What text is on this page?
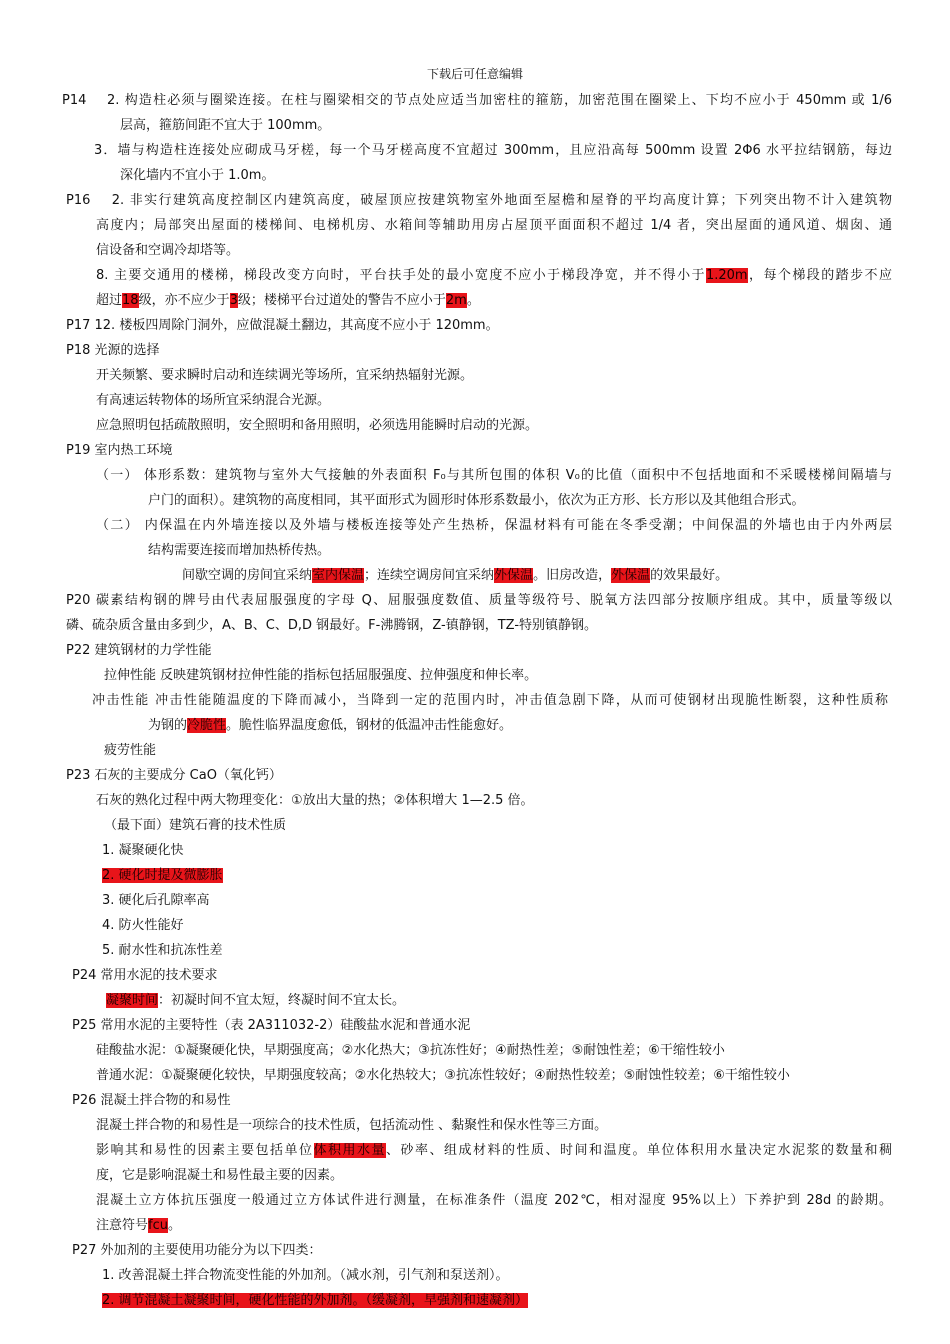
下载后可任意编辑
P14　 2. 构造柱必须与圈梁连接。在柱与圈梁相交的节点处应适当加密柱的箍筋，加密范围在圈梁上、下均不应小于 450mm 或 1/6
层高，箍筋间距不宜大于 100mm。
3．墙与构造柱连接处应砌成马牙槎，每一个马牙槎高度不宜超过 300mm，且应沿高每 500mm 设置 2Φ6 水平拉结钢筋，每边
深化墙内不宜小于 1.0m。
P16　 2. 非实行建筑高度控制区内建筑高度，破屋顶应按建筑物室外地面至屋檐和屋脊的平均高度计算；下列突出物不计入建筑物
高度内；局部突出屋面的楼梯间、电梯机房、水箱间等辅助用房占屋顶平面面积不超过 1/4 者，突出屋面的通风道、烟囱、通
信设备和空调冷却塔等。
8. 主要交通用的楼梯，梯段改变方向时，平台扶手处的最小宽度不应小于梯段净宽，并不得小于1.20m，每个梯段的踏步不应
超过18级，亦不应少于3级；楼梯平台过道处的警告不应小于2m。
P17 12. 楼板四周除门洞外，应做混凝土翻边，其高度不应小于 120mm。
P18 光源的选择
开关频繁、要求瞬时启动和连续调光等场所，宜采纳热辐射光源。
有高速运转物体的场所宜采纳混合光源。
应急照明包括疏散照明，安全照明和备用照明，必须选用能瞬时启动的光源。
P19 室内热工环境
（一） 体形系数：建筑物与室外大气接触的外表面积 F₀与其所包围的体积 V₀的比值（面积中不包括地面和不采暖楼梯间隔墙与
户门的面积）。建筑物的高度相同，其平面形式为圆形时体形系数最小，依次为正方形、长方形以及其他组合形式。
（二） 内保温在内外墙连接以及外墙与楼板连接等处产生热桥，保温材料有可能在冬季受潮；中间保温的外墙也由于内外两层
结构需要连接而增加热桥传热。
间歇空调的房间宜采纳室内保温；连续空调房间宜采纳外保温。旧房改造，外保温的效果最好。
P20 碳素结构钢的牌号由代表屈服强度的字母 Q、屈服强度数值、质量等级符号、脱氧方法四部分按顺序组成。其中，质量等级以
磷、硫杂质含量由多到少，A、B、C、D,D 钢最好。F-沸腾钢，Z-镇静钢，TZ-特别镇静钢。
P22 建筑钢材的力学性能
拉伸性能 反映建筑钢材拉伸性能的指标包括屈服强度、拉伸强度和伸长率。
冲击性能 冲击性能随温度的下降而减小，当降到一定的范围内时，冲击值急剧下降，从而可使钢材出现脆性断裂，这种性质称
为钢的冷脆性。脆性临界温度愈低，钢材的低温冲击性能愈好。
疲劳性能
P23 石灰的主要成分 CaO（氧化钙）
石灰的熟化过程中两大物理变化：①放出大量的热；②体积增大 1—2.5 倍。
（最下面）建筑石膏的技术性质
1. 凝聚硬化快
2. 硬化时提及微膨胀
3. 硬化后孔隙率高
4. 防火性能好
5. 耐水性和抗冻性差
P24 常用水泥的技术要求
凝聚时间：初凝时间不宜太短，终凝时间不宜太长。
P25 常用水泥的主要特性（表 2A311032-2）硅酸盐水泥和普通水泥
硅酸盐水泥：①凝聚硬化快，早期强度高；②水化热大；③抗冻性好；④耐热性差；⑤耐蚀性差；⑥干缩性较小
普通水泥：①凝聚硬化较快，早期强度较高；②水化热较大；③抗冻性较好；④耐热性较差；⑤耐蚀性较差；⑥干缩性较小
P26 混凝土拌合物的和易性
混凝土拌合物的和易性是一项综合的技术性质，包括流动性 、黏聚性和保水性等三方面。
影响其和易性的因素主要包括单位体积用水量、砂率、组成材料的性质、时间和温度。单位体积用水量决定水泥浆的数量和稠
度，它是影响混凝土和易性最主要的因素。
混凝土立方体抗压强度一般通过立方体试件进行测量，在标准条件（温度 202℃，相对湿度 95%以上）下养护到 28d 的龄期。
注意符号fcu。
P27 外加剂的主要使用功能分为以下四类：
1. 改善混凝土拌合物流变性能的外加剂。（减水剂，引气剂和泵送剂）。
2. 调节混凝土凝聚时间，硬化性能的外加剂。（缓凝剂，早强剂和速凝剂）
